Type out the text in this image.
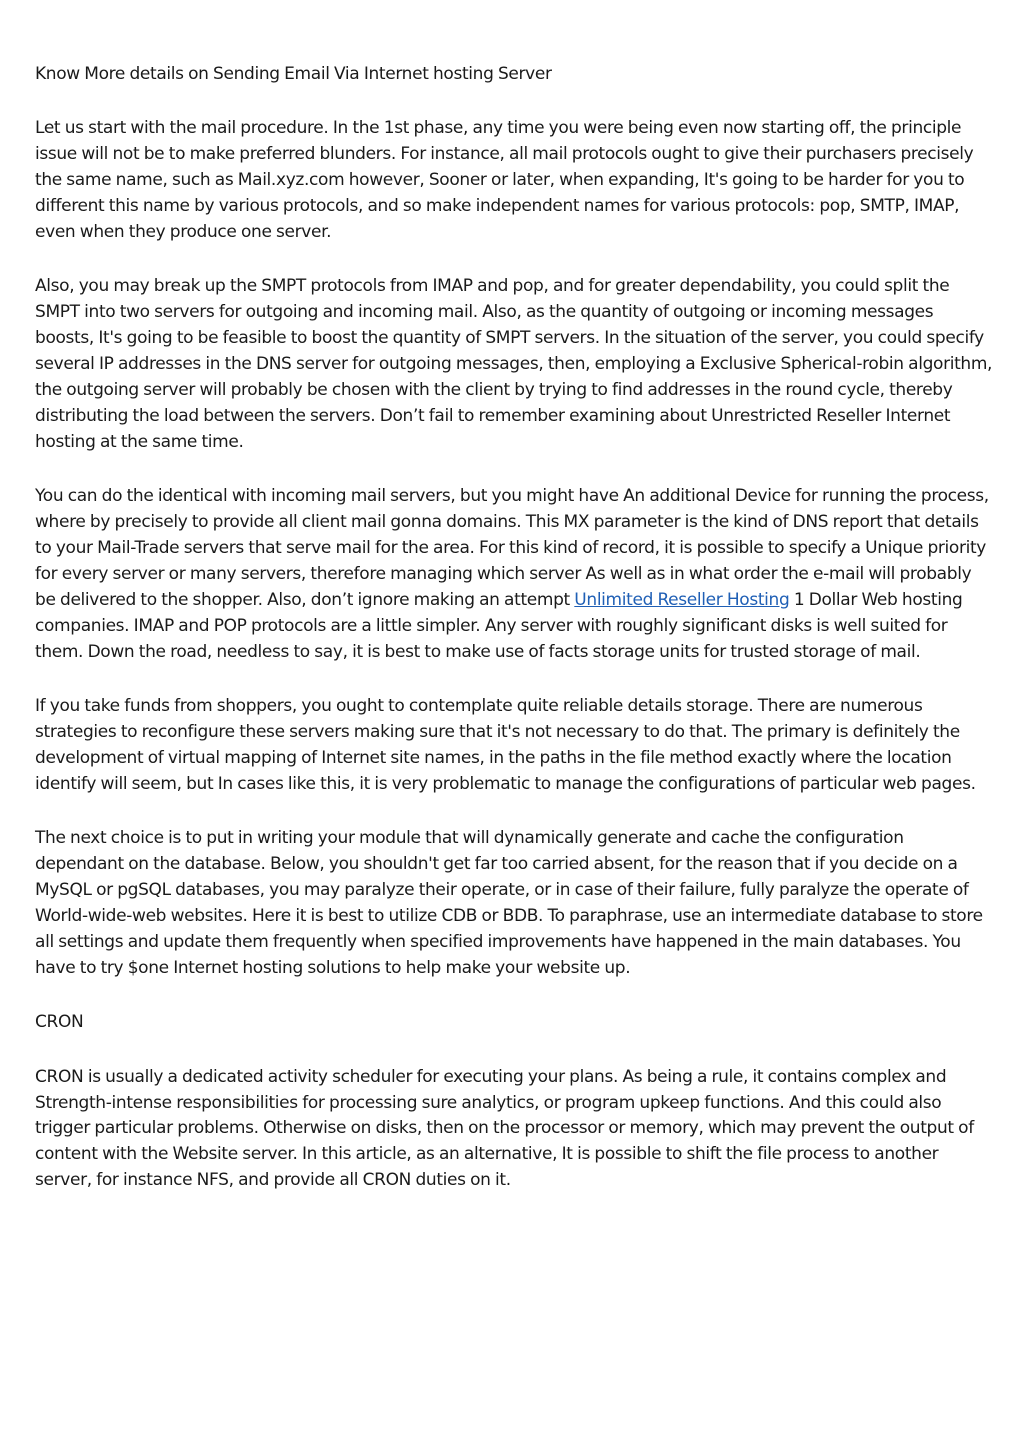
Know More details on Sending Email Via Internet hosting Server

Let us start with the mail procedure. In the 1st phase, any time you were being even now starting off, the principle issue will not be to make preferred blunders. For instance, all mail protocols ought to give their purchasers precisely the same name, such as Mail.xyz.com however, Sooner or later, when expanding, It's going to be harder for you to different this name by various protocols, and so make independent names for various protocols: pop, SMTP, IMAP, even when they produce one server.

Also, you may break up the SMPT protocols from IMAP and pop, and for greater dependability, you could split the SMPT into two servers for outgoing and incoming mail. Also, as the quantity of outgoing or incoming messages boosts, It's going to be feasible to boost the quantity of SMPT servers. In the situation of the server, you could specify several IP addresses in the DNS server for outgoing messages, then, employing a Exclusive Spherical-robin algorithm, the outgoing server will probably be chosen with the client by trying to find addresses in the round cycle, thereby distributing the load between the servers. Don’t fail to remember examining about Unrestricted Reseller Internet hosting at the same time.

You can do the identical with incoming mail servers, but you might have An additional Device for running the process, where by precisely to provide all client mail gonna domains. This MX parameter is the kind of DNS report that details to your Mail-Trade servers that serve mail for the area. For this kind of record, it is possible to specify a Unique priority for every server or many servers, therefore managing which server As well as in what order the e-mail will probably be delivered to the shopper. Also, don’t ignore making an attempt Unlimited Reseller Hosting 1 Dollar Web hosting companies. IMAP and POP protocols are a little simpler. Any server with roughly significant disks is well suited for them. Down the road, needless to say, it is best to make use of facts storage units for trusted storage of mail.

If you take funds from shoppers, you ought to contemplate quite reliable details storage. There are numerous strategies to reconfigure these servers making sure that it's not necessary to do that. The primary is definitely the development of virtual mapping of Internet site names, in the paths in the file method exactly where the location identify will seem, but In cases like this, it is very problematic to manage the configurations of particular web pages.

The next choice is to put in writing your module that will dynamically generate and cache the configuration dependant on the database. Below, you shouldn't get far too carried absent, for the reason that if you decide on a MySQL or pgSQL databases, you may paralyze their operate, or in case of their failure, fully paralyze the operate of World-wide-web websites. Here it is best to utilize CDB or BDB. To paraphrase, use an intermediate database to store all settings and update them frequently when specified improvements have happened in the main databases. You have to try $one Internet hosting solutions to help make your website up.

CRON

CRON is usually a dedicated activity scheduler for executing your plans. As being a rule, it contains complex and Strength-intense responsibilities for processing sure analytics, or program upkeep functions. And this could also trigger particular problems. Otherwise on disks, then on the processor or memory, which may prevent the output of content with the Website server. In this article, as an alternative, It is possible to shift the file process to another server, for instance NFS, and provide all CRON duties on it.
